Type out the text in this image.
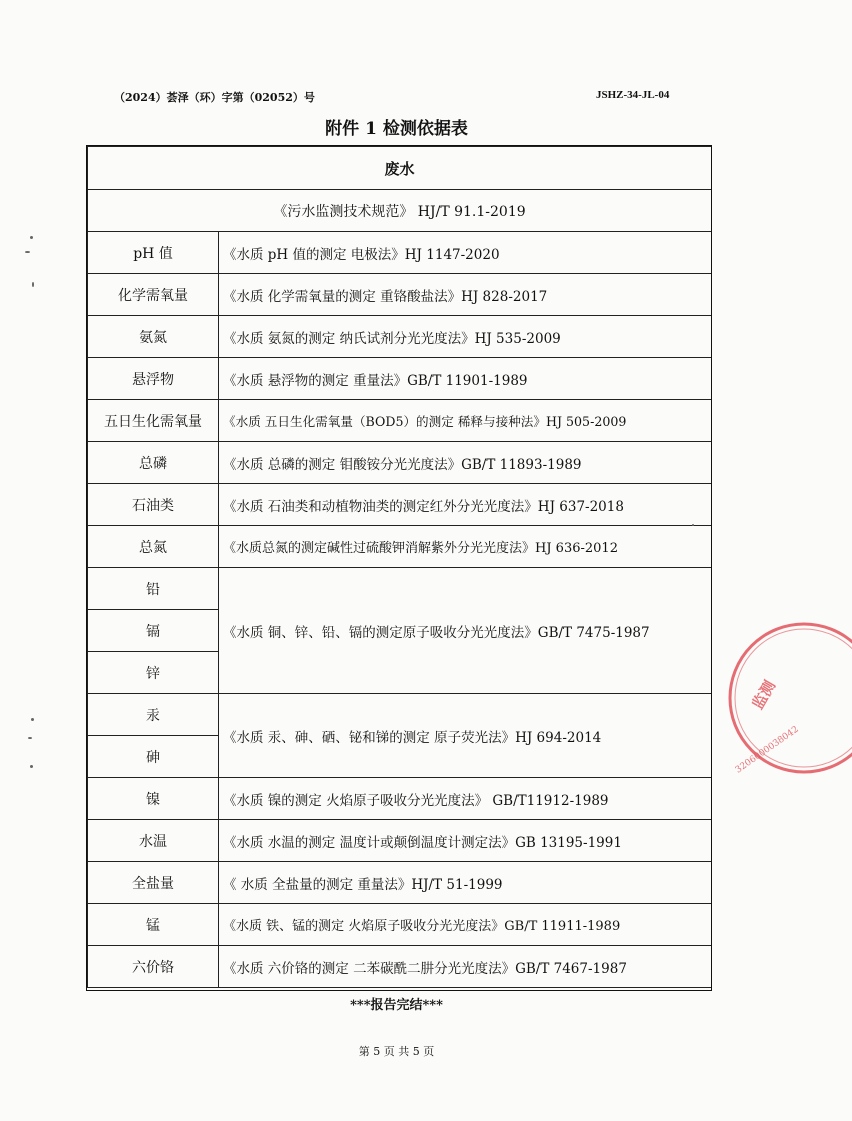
（2024）荟泽（环）字第（02052）号	JSHZ-34-JL-04
附件 1 检测依据表
废水	
《污水监测技术规范》 HJ/T 91.1-2019	
pH 值	《水质 pH 值的测定 电极法》HJ 1147-2020
化学需氧量	《水质 化学需氧量的测定 重铬酸盐法》HJ 828-2017
氨氮	《水质 氨氮的测定 纳氏试剂分光光度法》HJ 535-2009
悬浮物	《水质 悬浮物的测定 重量法》GB/T 11901-1989
五日生化需氧量	《水质 五日生化需氧量（BOD5）的测定 稀释与接种法》HJ 505-2009
总磷	《水质 总磷的测定 钼酸铵分光光度法》GB/T 11893-1989
石油类	《水质 石油类和动植物油类的测定红外分光光度法》HJ 637-2018
总氮	《水质总氮的测定碱性过硫酸钾消解紫外分光光度法》HJ 636-2012
铅	《水质 铜、锌、铅、镉的测定原子吸收分光光度法》GB/T 7475-1987
镉	
锌	
汞	《水质 汞、砷、硒、铋和锑的测定 原子荧光法》HJ 694-2014
砷	
镍	《水质 镍的测定 火焰原子吸收分光光度法》 GB/T11912-1989
水温	《水质 水温的测定 温度计或颠倒温度计测定法》GB 13195-1991
全盐量	《 水质 全盐量的测定 重量法》HJ/T 51-1999
锰	《水质 铁、锰的测定 火焰原子吸收分光光度法》GB/T 11911-1989
六价铬	《水质 六价铬的测定 二苯碳酰二肼分光光度法》GB/T 7467-1987
***报告完结***
第 5 页 共 5 页
监测
3206000038042
